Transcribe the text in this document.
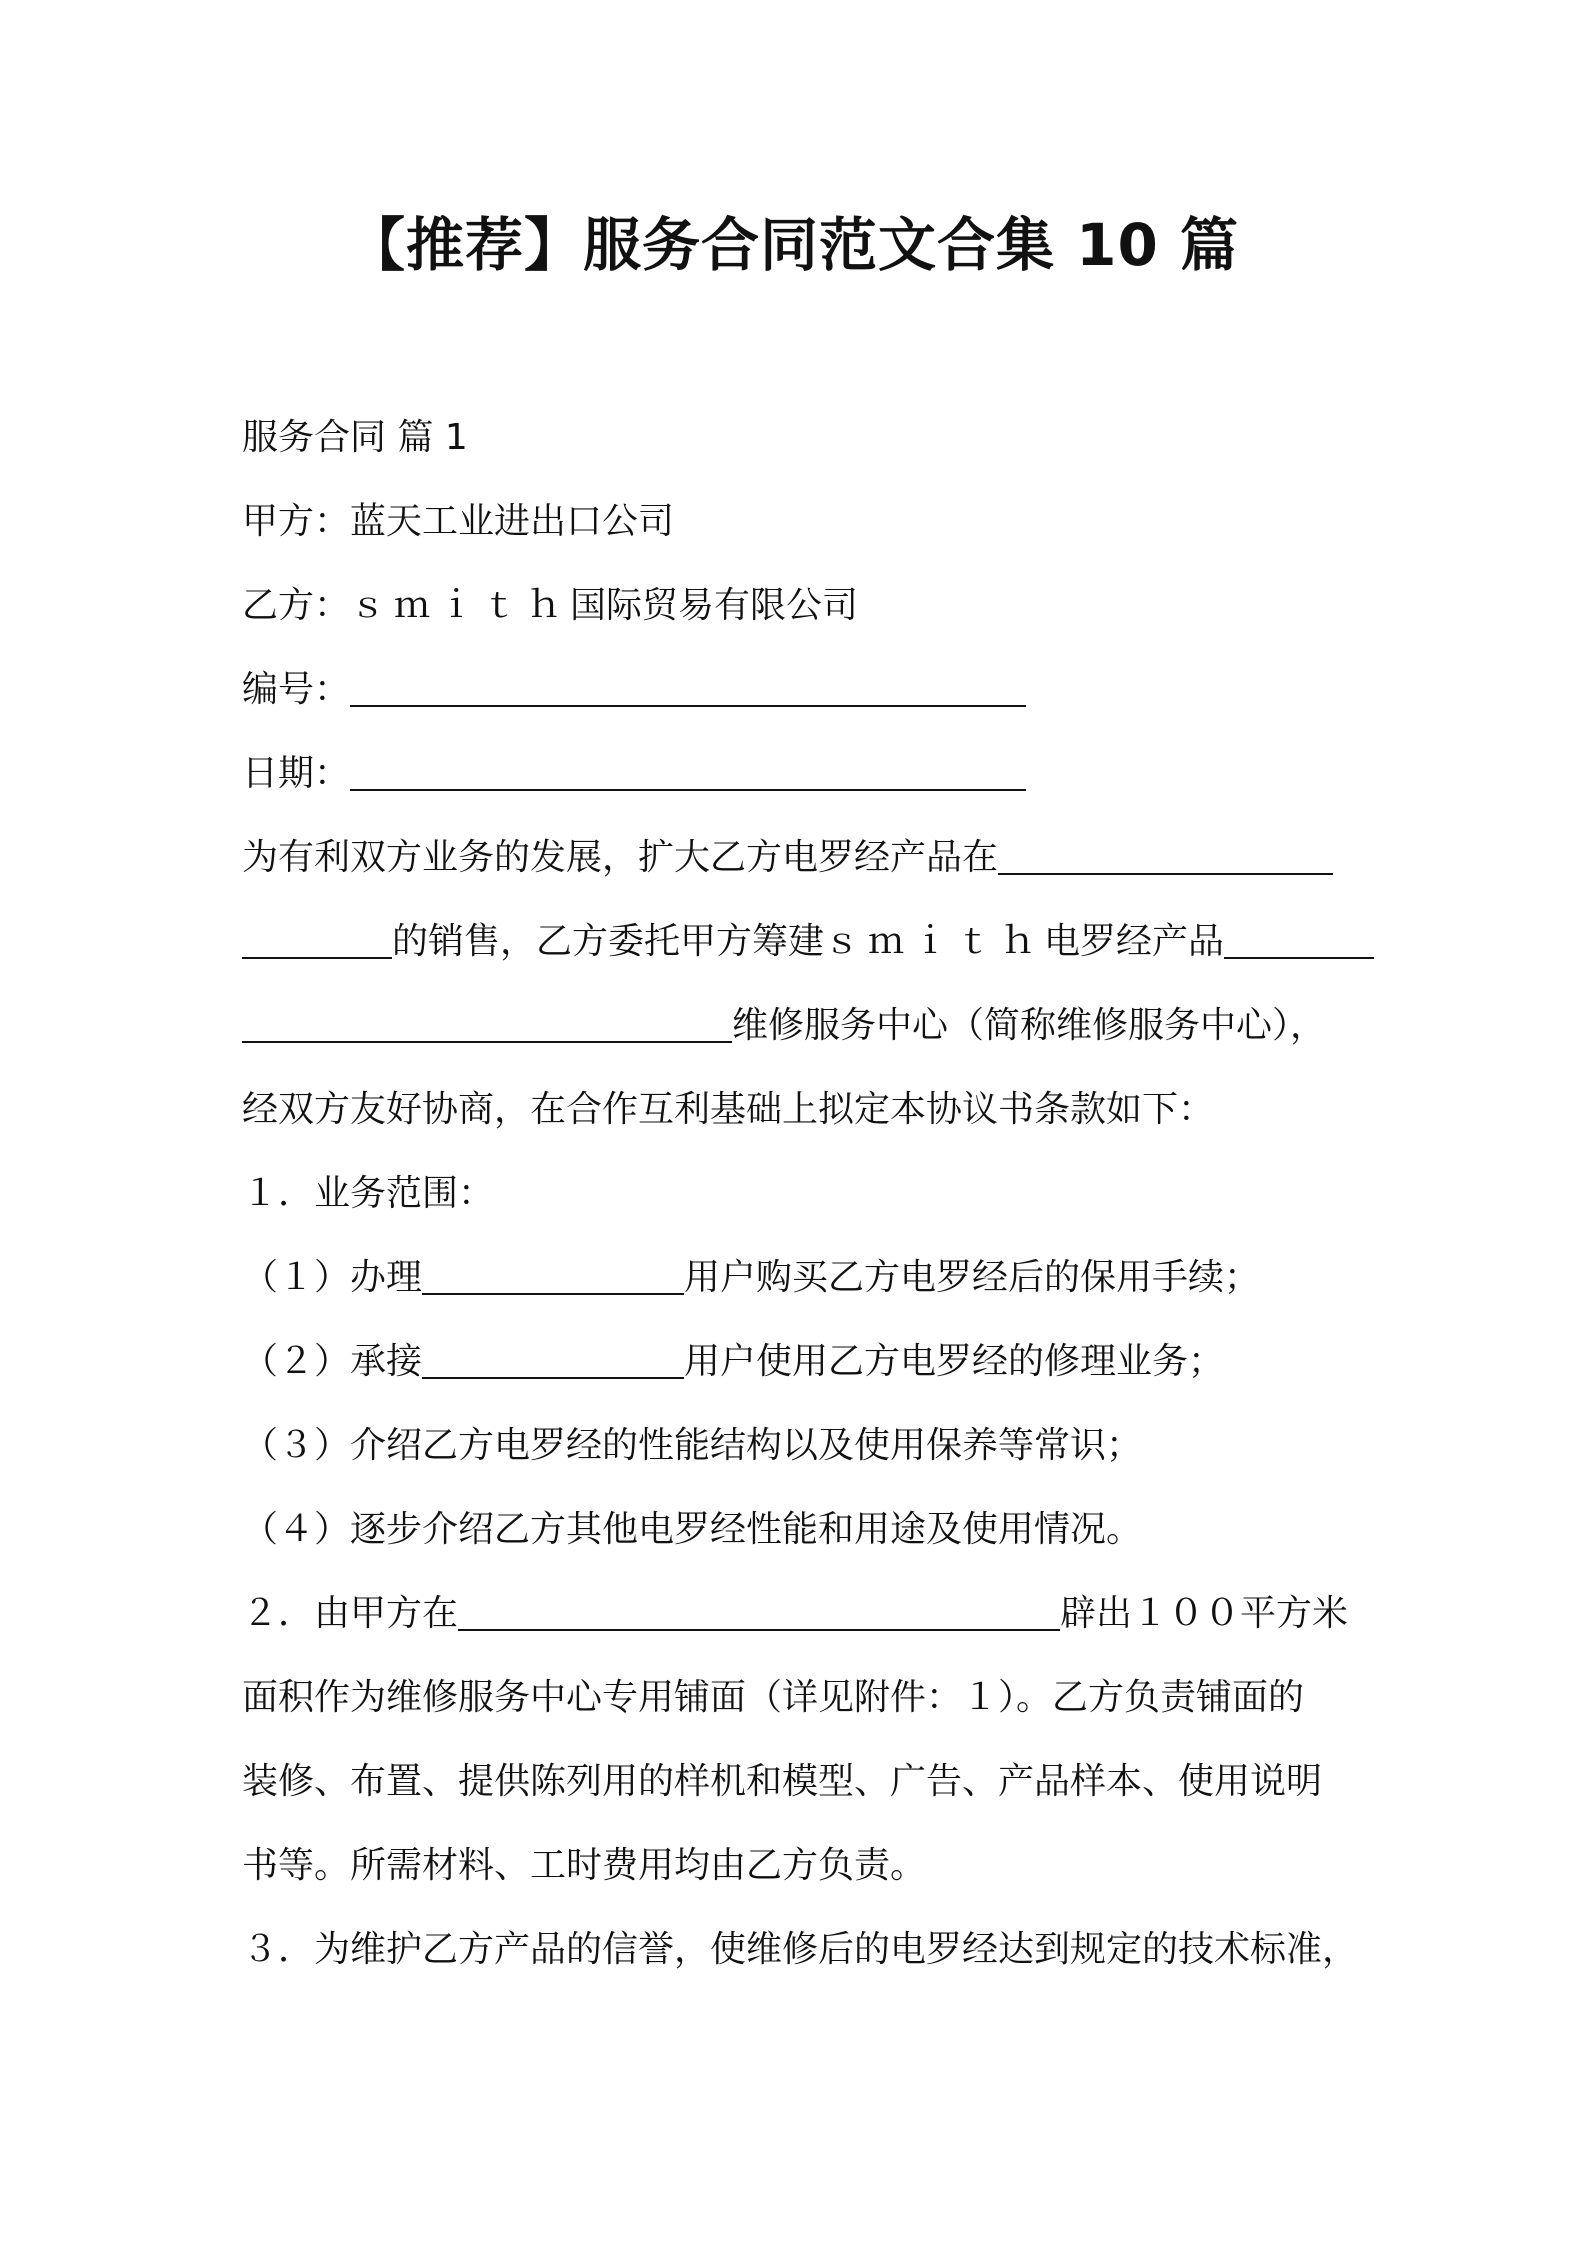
【推荐】服务合同范文合集 10 篇
服务合同 篇 1
甲方：蓝天工业进出口公司
乙方：ｓｍｉｔｈ国际贸易有限公司
编号：
日期：
为有利双方业务的发展，扩大乙方电罗经产品在
的销售，乙方委托甲方筹建ｓｍｉｔｈ电罗经产品
维修服务中心（简称维修服务中心），
经双方友好协商，在合作互利基础上拟定本协议书条款如下：
１．业务范围：
（１）办理	用户购买乙方电罗经后的保用手续；
（２）承接	用户使用乙方电罗经的修理业务；
（３）介绍乙方电罗经的性能结构以及使用保养等常识；
（４）逐步介绍乙方其他电罗经性能和用途及使用情况。
２．由甲方在	辟出１００平方米
面积作为维修服务中心专用铺面（详见附件：１）。乙方负责铺面的
装修、布置、提供陈列用的样机和模型、广告、产品样本、使用说明
书等。所需材料、工时费用均由乙方负责。
３．为维护乙方产品的信誉，使维修后的电罗经达到规定的技术标准，
